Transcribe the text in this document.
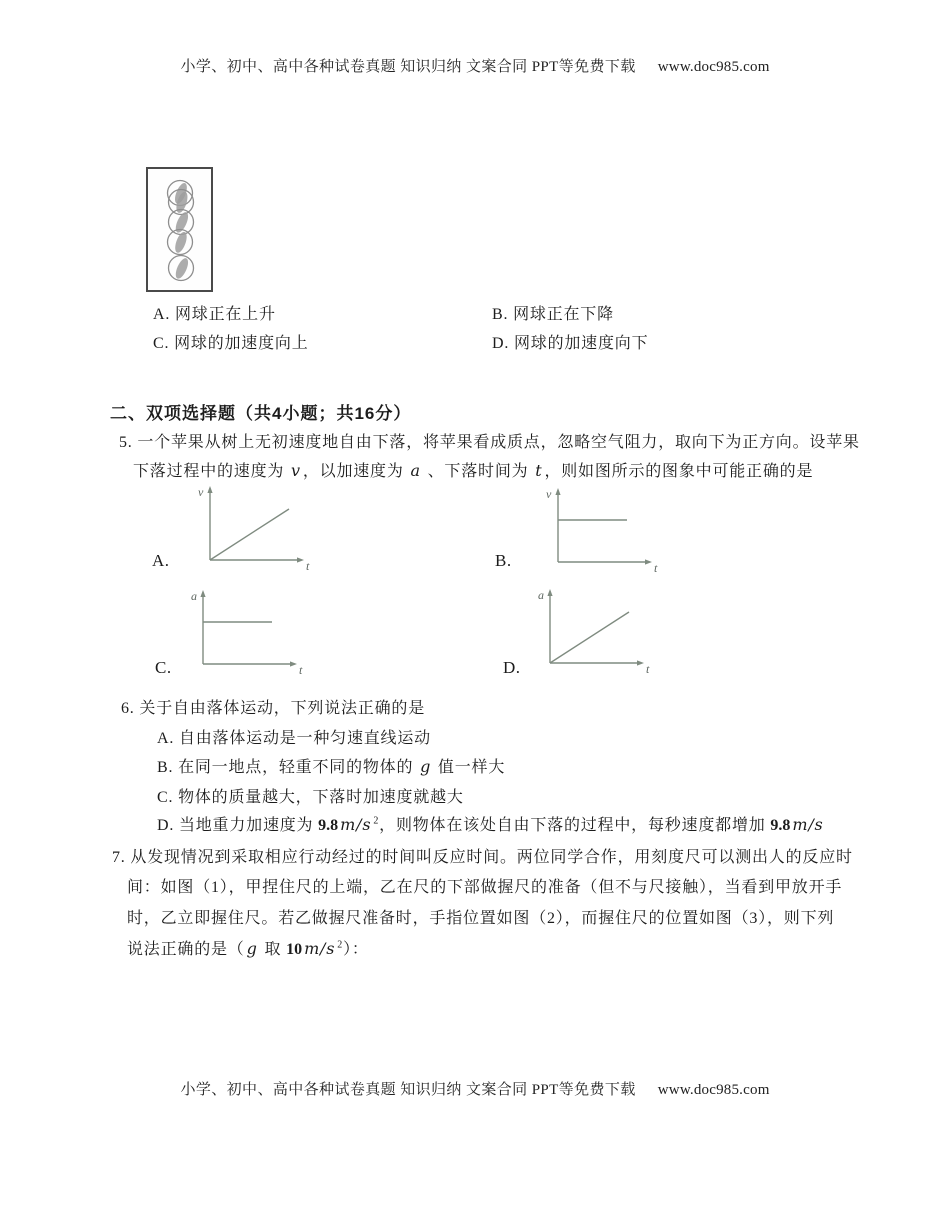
小学、初中、高中各种试卷真题 知识归纳 文案合同 PPT等免费下载 www.doc985.com
A. 网球正在上升	B. 网球正在下降
C. 网球的加速度向上	D. 网球的加速度向下
二、双项选择题（共4小题；共16分）
5. 一个苹果从树上无初速度地自由下落，将苹果看成质点，忽略空气阻力，取向下为正方向。设苹果
下落过程中的速度为 v ，以加速度为 a 、下落时间为 t ，则如图所示的图象中可能正确的是
A.
v
t	B.
v
t
C.
a
t	D.
a
t
6. 关于自由落体运动，下列说法正确的是
A. 自由落体运动是一种匀速直线运动
B. 在同一地点，轻重不同的物体的 g 值一样大
C. 物体的质量越大，下落时加速度就越大
D. 当地重力加速度为 9.8 m/s $^2$，则物体在该处自由下落的过程中，每秒速度都增加 9.8 m/s
7. 从发现情况到采取相应行动经过的时间叫反应时间。两位同学合作，用刻度尺可以测出人的反应时
间：如图（1），甲捏住尺的上端，乙在尺的下部做握尺的准备（但不与尺接触），当看到甲放开手
时，乙立即握住尺。若乙做握尺准备时，手指位置如图（2），而握住尺的位置如图（3），则下列
说法正确的是（ g 取 10 m/s $^2$）：
小学、初中、高中各种试卷真题 知识归纳 文案合同 PPT等免费下载 www.doc985.com
